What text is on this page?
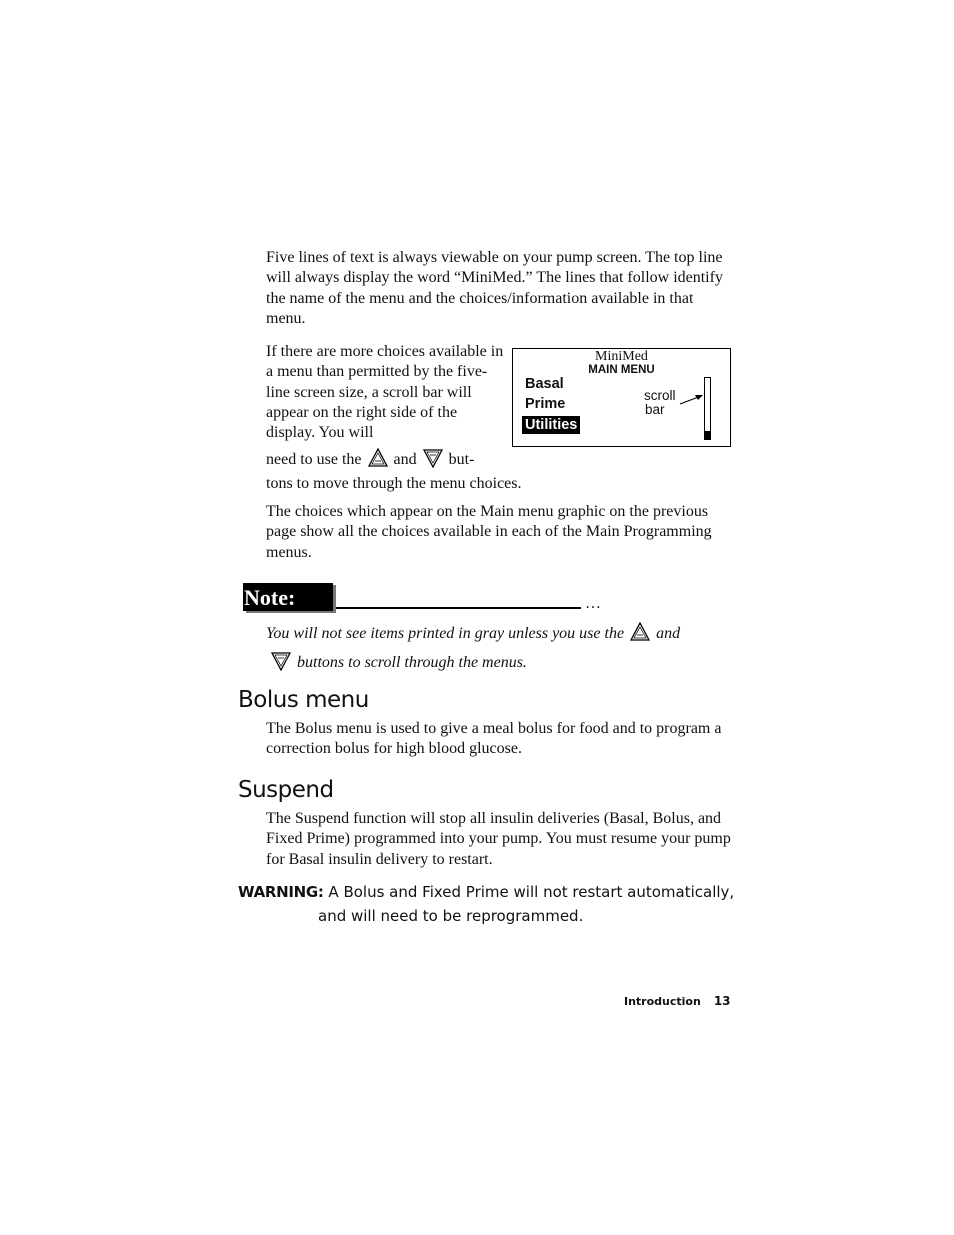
Five lines of text is always viewable on your pump screen. The top line will always display the word “MiniMed.” The lines that follow identify the name of the menu and the choices/information available in that menu.
If there are more choices available in a menu than permitted by the five-line screen size, a scroll bar will appear on the right side of the display. You will
need to use the and but-
tons to move through the menu choices.
MiniMed
MAIN MENU
Basal
Prime
Utilities
scroll
bar
The choices which appear on the Main menu graphic on the previous page show all the choices available in each of the Main Programming menus.
Note:	…
You will not see items printed in gray unless you use the and
buttons to scroll through the menus.
Bolus menu
The Bolus menu is used to give a meal bolus for food and to program a correction bolus for high blood glucose.
Suspend
The Suspend function will stop all insulin deliveries (Basal, Bolus, and Fixed Prime) programmed into your pump. You must resume your pump for Basal insulin delivery to restart.
WARNING: A Bolus and Fixed Prime will not restart automatically,
and will need to be reprogrammed.
Introduction 13
